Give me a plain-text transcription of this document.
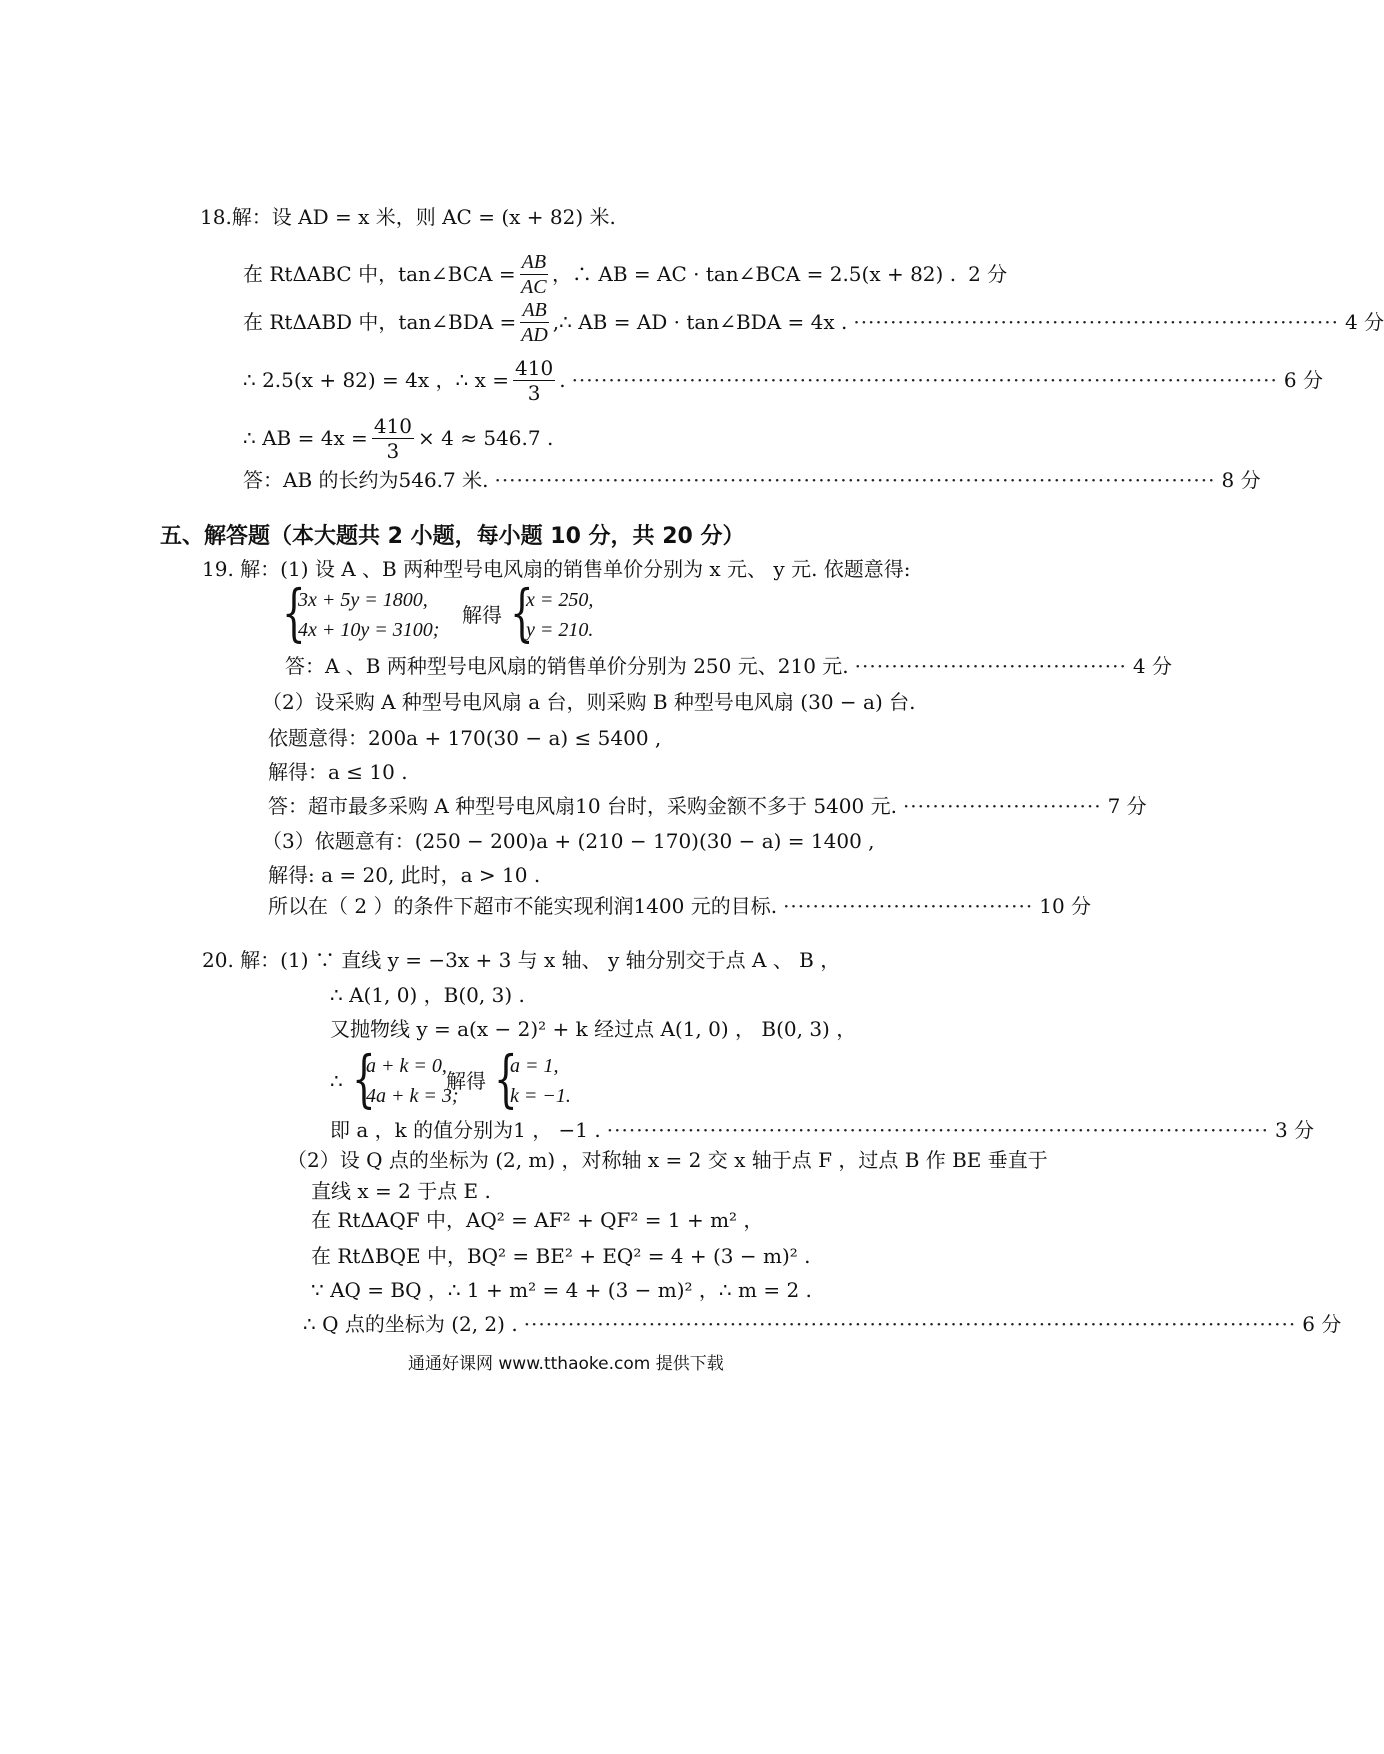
18.解：设 AD = x 米，则 AC = (x + 82) 米.
在 RtΔABC 中，tan∠BCA = $\frac{AB}{AC}$ ，∴ AB = AC · tan∠BCA = 2.5(x + 82) . 2 分
在 RtΔABD 中，tan∠BDA = $\frac{AB}{AD}$ ,∴ AB = AD · tan∠BDA = 4x . ·································································· 4 分
∴ 2.5(x + 82) = 4x ，∴ $x = \frac{410}{3}$ . ································································································ 6 分
∴ AB = $4x = \frac{410}{3} \times 4 \approx 546.7$ .
答：AB 的长约为546.7 米. ·································································································· 8 分
五、解答题（本大题共 2 小题，每小题 10 分，共 20 分）
19. 解：(1) 设 A 、B 两种型号电风扇的销售单价分别为 x 元、 y 元. 依题意得:
{
3x + 5y = 1800,
4x + 10y = 3100;
解得 {
x = 250,
y = 210.
答：A 、B 两种型号电风扇的销售单价分别为 250 元、210 元. ····································· 4 分
（2）设采购 A 种型号电风扇 a 台，则采购 B 种型号电风扇 (30 − a) 台.
依题意得：200a + 170(30 − a) ≤ 5400 ,
解得：a ≤ 10 .
答：超市最多采购 A 种型号电风扇10 台时，采购金额不多于 5400 元. ··························· 7 分
（3）依题意有：(250 − 200)a + (210 − 170)(30 − a) = 1400 ,
解得: a = 20, 此时，a > 10 .
所以在（ 2 ）的条件下超市不能实现利润1400 元的目标. ·································· 10 分
20. 解：(1) ∵ 直线 y = −3x + 3 与 x 轴、 y 轴分别交于点 A 、 B ，
∴ A(1, 0) ，B(0, 3) .
又抛物线 y = a(x − 2)² + k 经过点 A(1, 0) ， B(0, 3) ，
∴ {
a + k = 0,
4a + k = 3;
解得 {
a = 1,
k = −1.
即 a ，k 的值分别为1 ， −1 . ·························································································· 3 分
（2）设 Q 点的坐标为 (2, m) ，对称轴 x = 2 交 x 轴于点 F ，过点 B 作 BE 垂直于
直线 x = 2 于点 E .
在 RtΔAQF 中，AQ² = AF² + QF² = 1 + m² ，
在 RtΔBQE 中，BQ² = BE² + EQ² = 4 + (3 − m)² .
∵ AQ = BQ ，∴ 1 + m² = 4 + (3 − m)² ，∴ m = 2 .
∴ Q 点的坐标为 (2, 2) . ········································································································· 6 分
通通好课网 www.tthaoke.com 提供下载
